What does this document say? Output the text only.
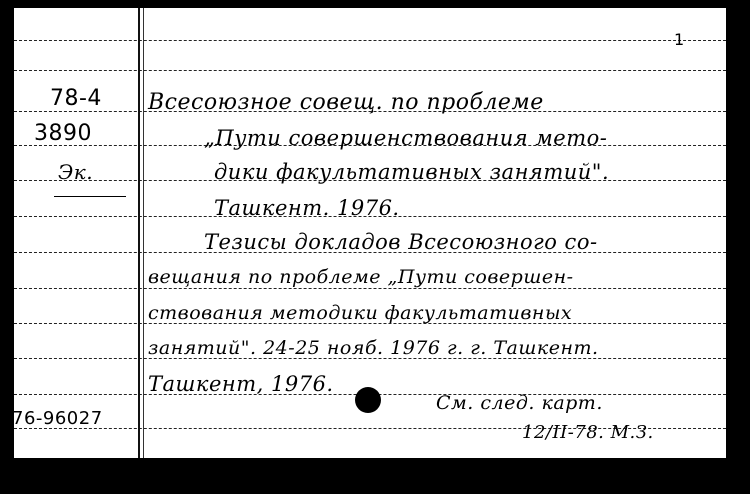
1
78-4
3890
Эк.
76-96027
Всесоюзное совещ. по проблеме
„Пути совершенствования мето-
дики факультативных занятий".
Ташкент. 1976.
Тезисы докладов Всесоюзного со-
вещания по проблеме „Пути совершен-
ствования методики факультативных
занятий". 24-25 нояб. 1976 г. г. Ташкент.
Ташкент, 1976.
См. след. карт.
12/II-78. М.З.
